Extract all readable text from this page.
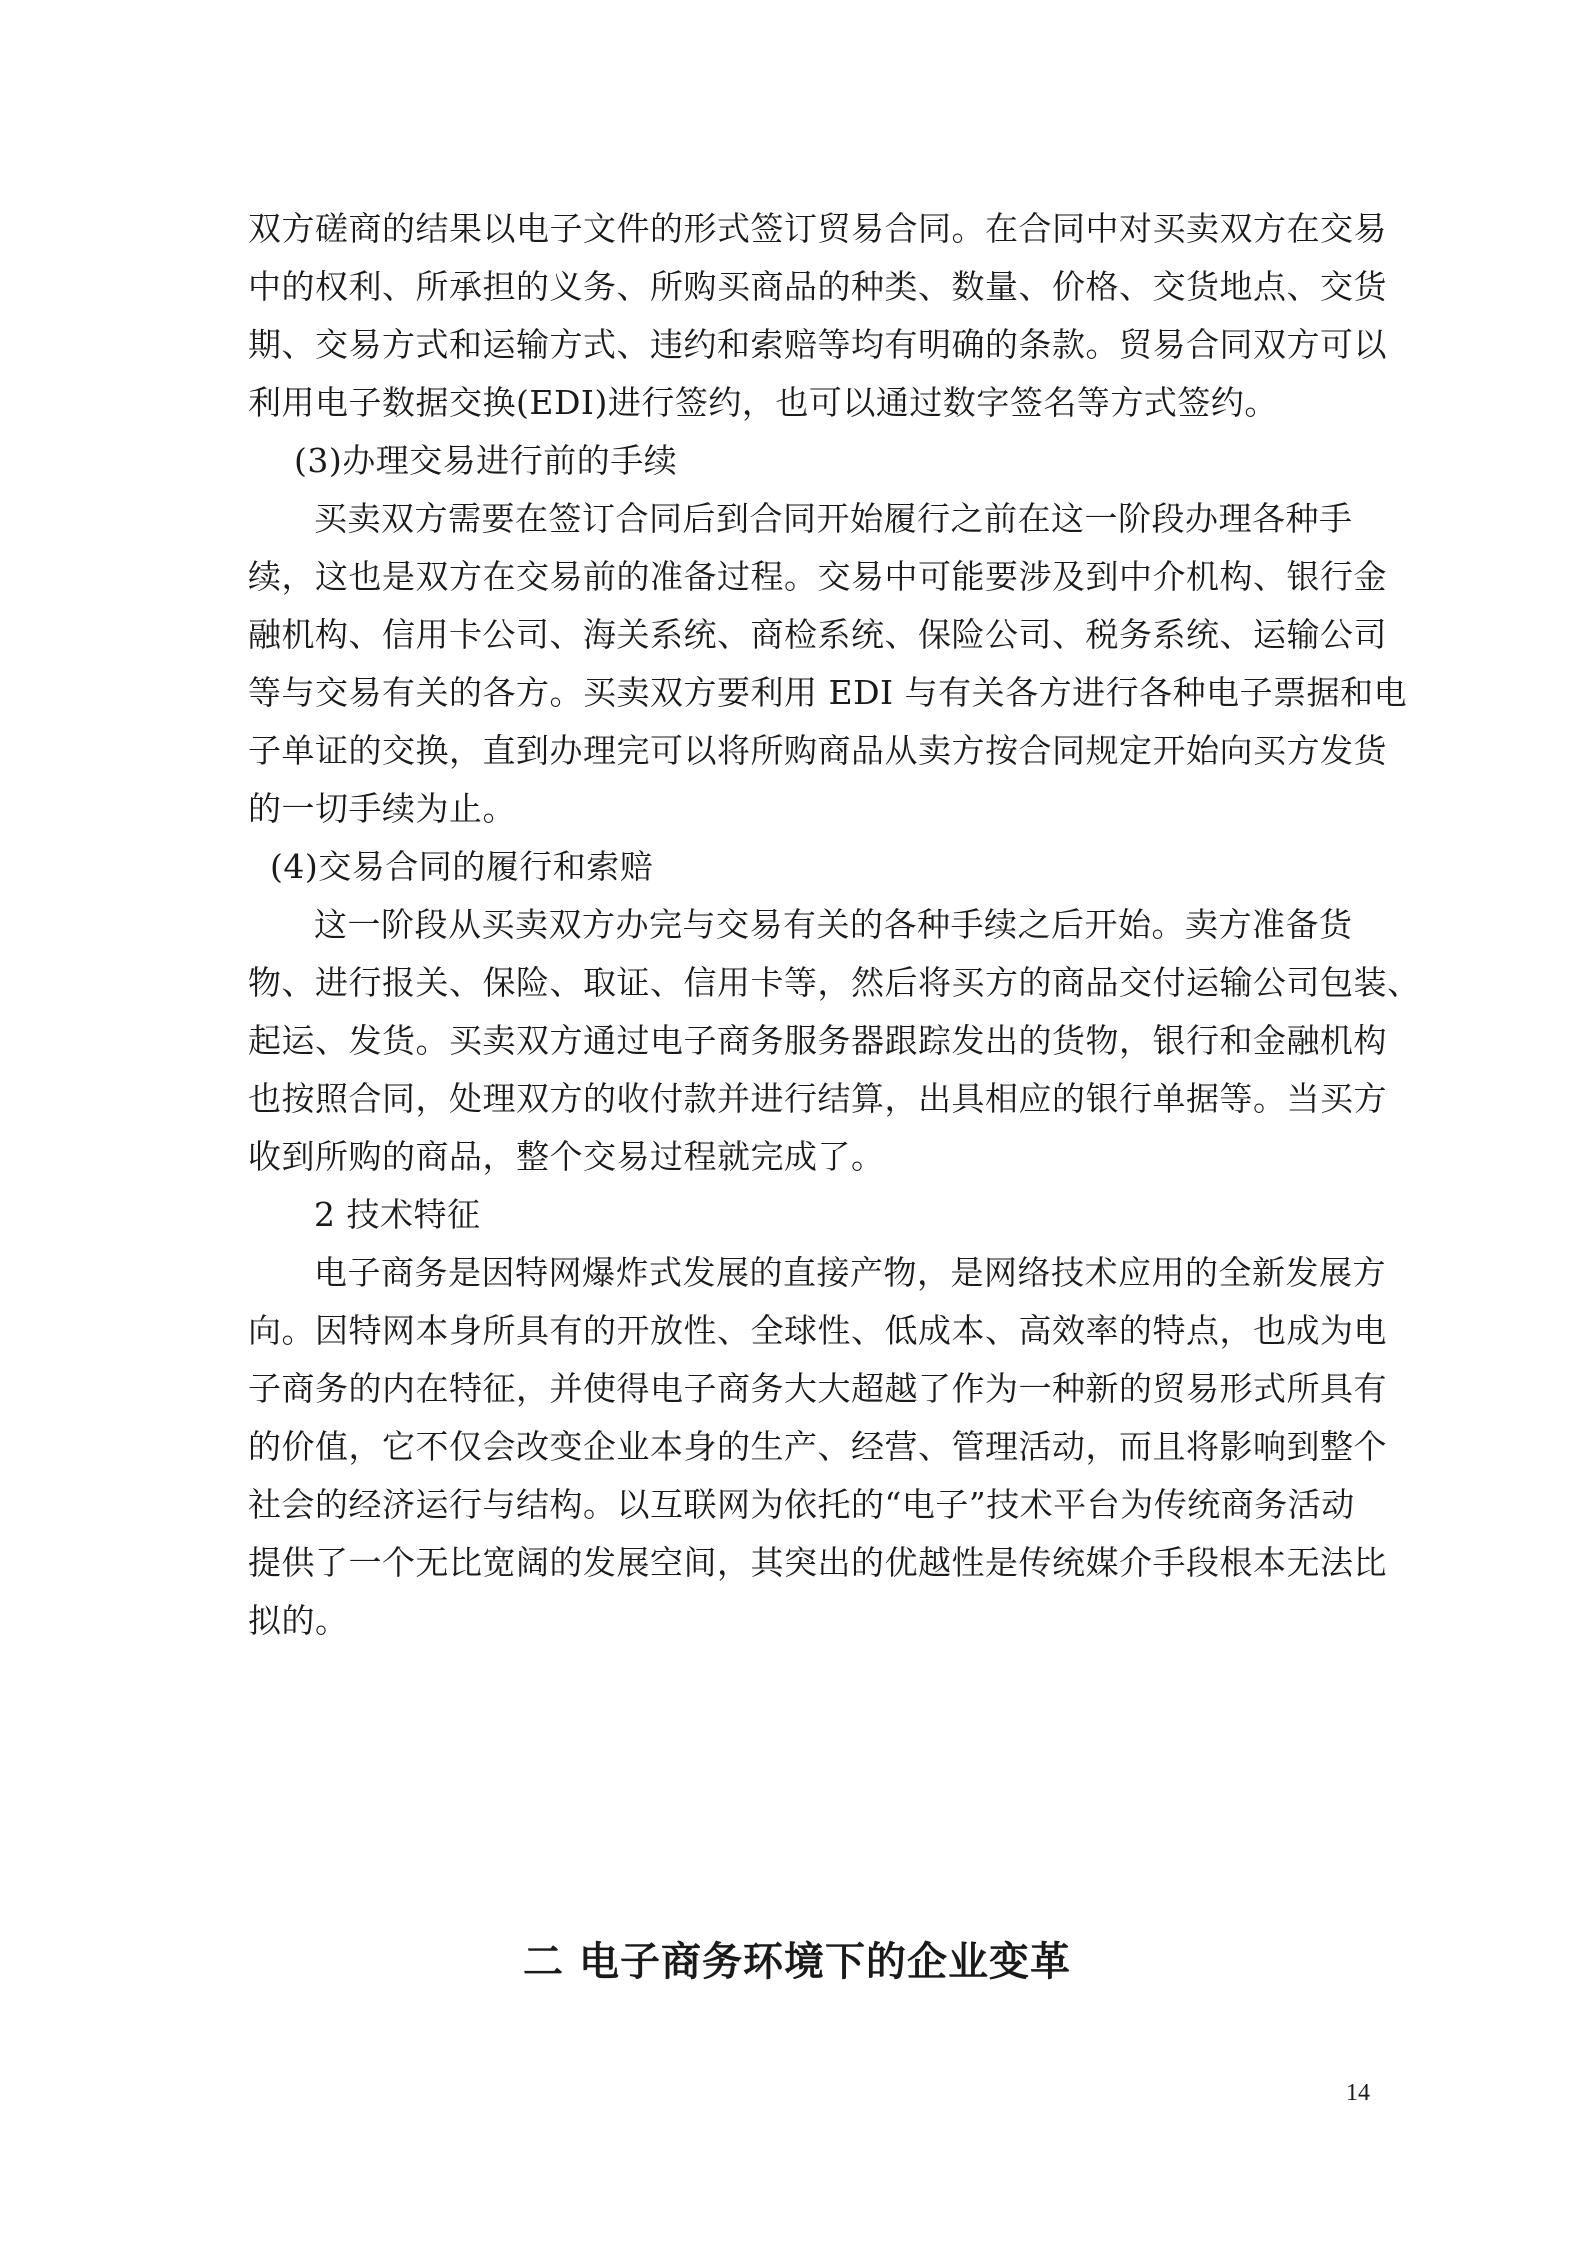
双方磋商的结果以电子文件的形式签订贸易合同。在合同中对买卖双方在交易
中的权利、所承担的义务、所购买商品的种类、数量、价格、交货地点、交货
期、交易方式和运输方式、违约和索赔等均有明确的条款。贸易合同双方可以
利用电子数据交换(EDI)进行签约，也可以通过数字签名等方式签约。
(3)办理交易进行前的手续
买卖双方需要在签订合同后到合同开始履行之前在这一阶段办理各种手
续，这也是双方在交易前的准备过程。交易中可能要涉及到中介机构、银行金
融机构、信用卡公司、海关系统、商检系统、保险公司、税务系统、运输公司
等与交易有关的各方。买卖双方要利用 EDI 与有关各方进行各种电子票据和电
子单证的交换，直到办理完可以将所购商品从卖方按合同规定开始向买方发货
的一切手续为止。
(4)交易合同的履行和索赔
这一阶段从买卖双方办完与交易有关的各种手续之后开始。卖方准备货
物、进行报关、保险、取证、信用卡等，然后将买方的商品交付运输公司包装、
起运、发货。买卖双方通过电子商务服务器跟踪发出的货物，银行和金融机构
也按照合同，处理双方的收付款并进行结算，出具相应的银行单据等。当买方
收到所购的商品，整个交易过程就完成了。
2 技术特征
电子商务是因特网爆炸式发展的直接产物，是网络技术应用的全新发展方
向。因特网本身所具有的开放性、全球性、低成本、高效率的特点，也成为电
子商务的内在特征，并使得电子商务大大超越了作为一种新的贸易形式所具有
的价值，它不仅会改变企业本身的生产、经营、管理活动，而且将影响到整个
社会的经济运行与结构。以互联网为依托的“电子”技术平台为传统商务活动
提供了一个无比宽阔的发展空间，其突出的优越性是传统媒介手段根本无法比
拟的。
二 电子商务环境下的企业变革
14
